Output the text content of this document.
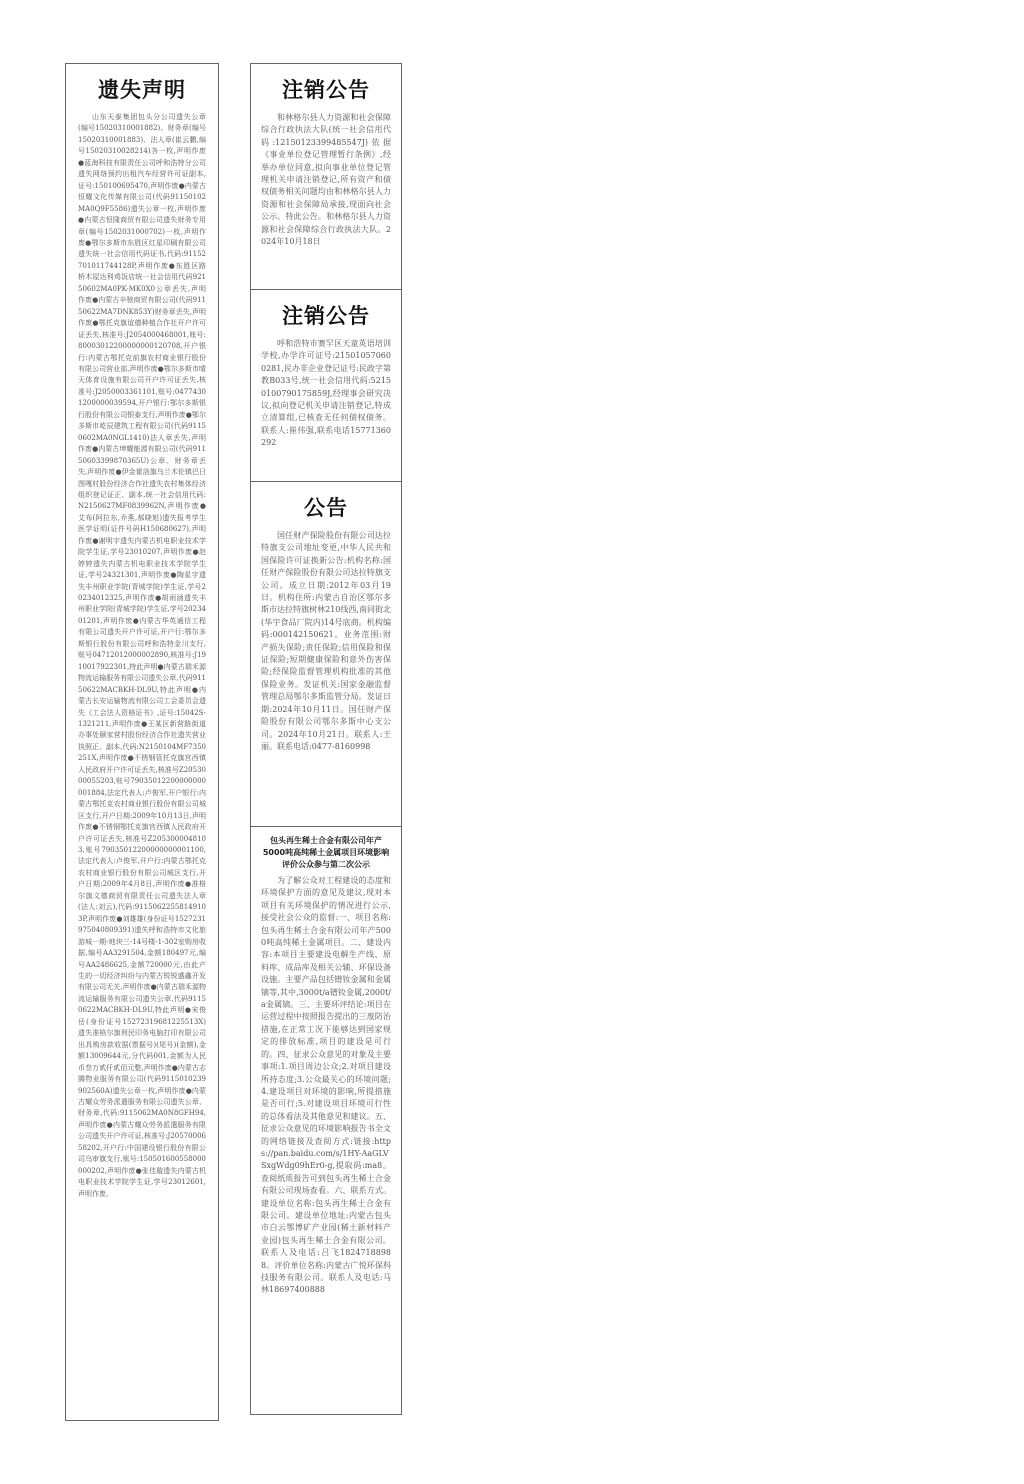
遗失声明
山东天泰集团包头分公司遗失公章(编号15020310001882)、财务章(编号15020310001883)、法人章(崔云鹏,编号15020310028214)各一枚,声明作废●蓝海科技有限责任公司呼和浩特分公司遗失网络预约出租汽车经营许可证副本,证号:150100695470,声明作废●内蒙古恒耀文化传媒有限公司(代码91150102MA0Q9F5586)遗失公章一枚,声明作废●内蒙古恒隆商贸有限公司遗失财务专用章(编号1502031000702)一枚,声明作废●鄂尔多斯市东胜区红星印刷有限公司遗失统一社会信用代码证书,代码:91152701011744128P,声明作废●东胜区路桥木屋达利鸡饭店统一社会信用代码92150602MA0PK-MK0X0公章丢失,声明作废●内蒙古辛驰商贸有限公司(代码91150622MA7DNK853Y)财务章丢失,声明作废●鄂托克旗谊德种植合作社开户许可证丢失,核准号:J2054000468001,账号:80003012200000000120708,开户银行:内蒙古鄂托克前旗农村商业银行股份有限公司营业部,声明作废●鄂尔多斯市晴天体育设施有限公司开户许可证丢失,核准号:J2050003361101,账号:04774301200000039594,开户银行:鄂尔多斯银行股份有限公司银泰支行,声明作废●鄂尔多斯市屹辰建筑工程有限公司(代码91150602MA0NGL1410)法人章丢失,声明作废●内蒙古坤耀能源有限公司(代码91150603399870365U)公章、财务章丢失,声明作废●伊金霍洛旗乌兰木伦镇巴日图嘎村股份经济合作社遗失农村集体经济组织登记证正、副本,统一社会信用代码:N2150627MF0839962N,声明作废●艾布(阿拉东,乔燕,郝晓旭)遗失报考学生医学证明(证件号码H150680627),声明作废●谢明宇遗失内蒙古机电职业技术学院学生证,学号23010207,声明作废●赵婷婷遗失内蒙古机电职业技术学院学生证,学号24321301,声明作废●陶星宇遗失丰州职业学院(青城学院)学生证,学号20234012325,声明作废●胡雨涵遗失丰州职业学院(青城学院)学生证,学号2023401201,声明作废●内蒙古华英通信工程有限公司遗失开户许可证,开户行:鄂尔多斯银行股份有限公司呼和浩特金川支行,账号04712012000002890,核准号:J1910017922301,特此声明●内蒙古瑞禾源物流运输服务有限公司遗失公章,代码91150622MACBKH-DL9U,特此声明●内蒙古长安运输物流有限公司工会委员会遗失《工会法人资格证书》,证号:15042S-1321211,声明作废●王某区新营路街道办事处颐家营村股份经济合作社遗失营业执照正、副本,代码:N2150104MF7350251X,声明作废●不锈钢管托克旗宫西镇人民政府开户许可证丢失,核准号Z2053000055203,账号79035012200000000001884,法定代表人:卢俊军,开户银行:内蒙古鄂托克农村商业银行股份有限公司城区支行,开户日期:2009年10月13日,声明作废●不锈钢鄂托克旗宫西镇人民政府开户许可证丢失,核准号Z2053000048103,账号79035012200000000001100,法定代表人:卢俊军,开户行:内蒙古鄂托克农村商业银行股份有限公司城区支行,开户日期:2009年4月8日,声明作废●准格尔旗文德商贸有限责任公司遗失法人章(法人:刘云),代码:91150622558149103P,声明作废●刘雄雄(身份证号1527231975040809391)遗失呼和浩特市文化旅游城一期-地块三-14号楼-1-302室购房收据,编号AA3291504,金额180497元,编号AA2486625,金额720000元,由此产生的一切经济纠纷与内蒙古锐锐盛鑫开发有限公司无关,声明作废●内蒙古瑞禾源物流运输服务有限公司遗失公章,代码91150622MACBKH-DL9U,特此声明●宋俊岳(身份证号15272319681225513X)遗失准格尔旗利民印务电脑打印有限公司出具购房款收据(票据号)(尾号)(金额),金额13009644元,分代码001,金额为人民币叁万贰仟贰佰元整,声明作废●内蒙古志腾物业服务有限公司(代码9115010239902560A)遗失公章一枚,声明作废●内蒙古耀众劳务派遣服务有限公司遗失公章、财务章,代码:9115062MA0N8GFH94,声明作废●内蒙古耀众劳务派遣服务有限公司遗失开户许可证,核准号:J2057000658202,开户行:中国建设银行股份有限公司乌审旗支行,账号:150501600558000000202,声明作废●张佳璇遗失内蒙古机电职业技术学院学生证,学号23012601,声明作废。
注销公告
和林格尔县人力资源和社会保障综合行政执法大队(统一社会信用代码:12150123399485547J)依据《事业单位登记管理暂行条例》,经举办单位同意,拟向事业单位登记管理机关申请注销登记,所有资产和债权债务相关问题均由和林格尔县人力资源和社会保障局承接,现面向社会公示。特此公告。和林格尔县人力资源和社会保障综合行政执法大队。2024年10月18日
注销公告
呼和浩特市赛罕区天童英语培训学校,办学许可证号:215010570600281,民办非企业登记证号:民政字第教B033号,统一社会信用代码:52150100790175859J,经理事会研究决议,拟向登记机关申请注销登记,特成立清算组,已核查无任何债权债务。联系人:崔伟强,联系电话15771360292
公告
国任财产保险股份有限公司达拉特旗支公司地址变更,中华人民共和国保险许可证换新公告:机构名称:国任财产保险股份有限公司达拉特旗支公司。成立日期:2012年03月19日。机构住所:内蒙古自治区鄂尔多斯市达拉特旗树林210线西,南同街北(华宇食品厂院内)14号底商。机构编码:000142150621。业务范围:财产损失保险;责任保险;信用保险和保证保险;短期健康保险和意外伤害保险;经保险监督管理机构批准的其他保险业务。发证机关:国家金融监督管理总局鄂尔多斯监管分局。发证日期:2024年10月11日。国任财产保险股份有限公司鄂尔多斯中心支公司。2024年10月21日。联系人:王丽。联系电话:0477-8160998
包头再生稀土合金有限公司年产5000吨高纯稀土金属项目环境影响评价公众参与第二次公示
为了解公众对工程建设的态度和环境保护方面的意见及建议,现对本项目有关环境保护的情况进行公示,接受社会公众的监督:一、项目名称:包头再生稀土合金有限公司年产5000吨高纯稀土金属项目。二、建设内容:本项目主要建设电解生产线、原料库、成品库及相关公辅、环保设备设施。主要产品包括镨钕金属和金属镝等,其中,3000t/a镨钕金属,2000t/a金属镝。三、主要环评结论:项目在运营过程中按照报告提出的三废防治措施,在正常工况下能够达到国家规定的排放标准,项目的建设是可行的。四、征求公众意见的对象及主要事项:1.项目周边公众;2.对项目建设所持态度;3.公众最关心的环境问题;4.建设项目对环境的影响,所提措施是否可行;5.对建设项目环境可行性的总体看法及其他意见和建议。五、征求公众意见的环境影响报告书全文的网络链接及查阅方式:链接:https://pan.baidu.com/s/1HY-AaGLVSxgWdg09hEr0-g,提取码:ma8。查阅纸质报告可到包头再生稀土合金有限公司现场查看。六、联系方式。建设单位名称:包头再生稀土合金有限公司。建设单位地址:内蒙古包头市白云鄂博矿产业园(稀土新材料产业园)包头再生稀土合金有限公司。联系人及电话:吕飞18247188988。评价单位名称:内蒙古广悦环保科技服务有限公司。联系人及电话:马林18697400888
